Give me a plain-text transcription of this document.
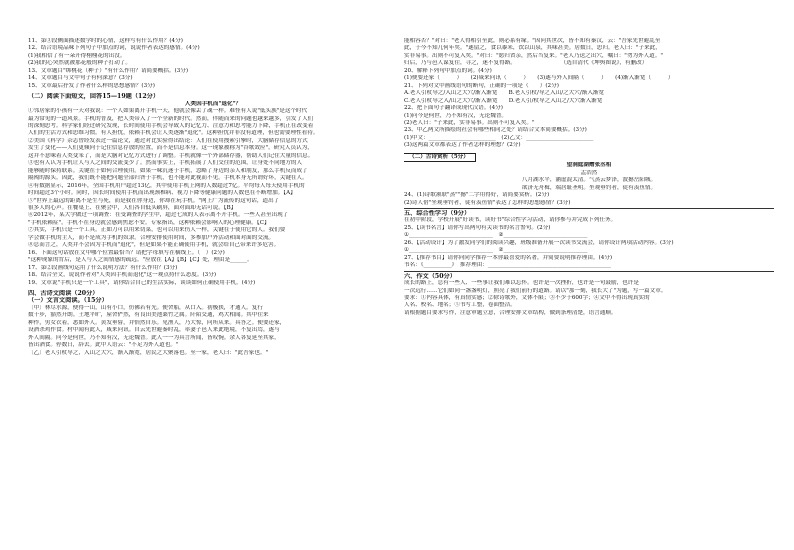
11、第③段侧面描述数学时的心情，这样写有什么作用？(4分)

12、结合语境品味下列句子中加点的词，说说作者表达的感情。(4分)

(1)我相信了有一朵开得栩栩花的出没。

(2)我的心突然就被那花般的种子打动了。

13、文章题目"绑桃花（种子）"有什么作用？请简要概括。(3分)

14、文章题目与文中句子有何深意？(3分)

15、文章最后抒发了作者什么样的思想感情？(3分)

（二）阅读下面短文，回答15—19题（12分）

人类因手机而"退化"？

①邻居家的小孩有一天对我说：一个人如果离开手机一天，他就会像丢了魂一样。难怪有人说"低头族"是这个时代

最为常见的一道风景。手机的普及，把人类带入了一个全新的时代。然而，伴随而来的问题也越来越多，引发了人们

的深刻思考。科学家们经过研究发现，长时间使用手机会导致人的记忆力、注意力和思考能力下降，手机正在改变着

人们的生活方式和思维习惯。有人担忧，依赖手机会让人类逐渐"退化"。这种担忧并非没有道理，但也需要理性看待。

②美国《科学》杂志曾经发表过一篇论文，通过对比实验得出结论：人们在使用搜索引擎时，大脑储存信息的方式

发生了变化——人们更倾向于记住信息存放的位置，而不是信息本身。这一现象被称为"谷歌效应"。研究人员认为，

这并不意味着人类变笨了，而是大脑对记忆方式进行了调整。手机就像一个外部储存器，帮助人们记住大量的信息。

③也有人认为手机让人与人之间的交流变少了。然而事实上，手机拓展了人们交往的范围，让身处不同地方的人

能够随时保持联系。关键在于如何合理使用。如果一味沉迷于手机，忽略了身边的亲人和朋友，那么手机反而成了

隔阂的源头。因此，我们既不能把问题全部归咎于手机，也不能对此视而不见。手机本身无所谓好坏，关键在人。

④有数据显示，2016年，全国手机用户超过13亿，其中使用手机上网的人数超过7亿。平均每人每天使用手机的

时间超过3个小时。同时，因长时间使用手机而出现颈椎病、视力下降等健康问题的人数也在不断增加。【A】

⑤"世界上最远的距离不是生与死，而是我在你身边，你却在玩手机。"网上广为流传的这句话，道出了

很多人的心声。在餐桌上、在聚会中，人们各自低头刷屏，面对面却无话可说。【B】

⑥2012年，某大学做过一项调查：在受调查的学生中，超过七成的人表示离不开手机。一些人甚至出现了

"手机依赖症"，手机不在身边就会感到焦虑不安。专家指出，这种依赖会影响人的心理健康。【C】

⑦其实，手机只是一个工具。正如刀可以用来切菜，也可以用来伤人一样，关键在于使用它的人。我们要

学会做手机的主人，而不是成为手机的奴隶。合理安排使用时间，多参加户外活动和面对面的交流。

⑧总而言之，人类并不会因为手机而"退化"，但是如果不能正确使用手机，就会给自己带来许多危害。

16、下面这句话放在文中哪个位置最恰当？请把字母填写在横线上。（　）(2分)

"这种现象的背后，是人与人之间情感的疏远。"应放在【A】【B】【C】处，理由是______。

17、第②段画线句运用了什么说明方法？有什么作用？(3分)

18、结合全文，说说作者对"人类因手机而退化"这一观点持什么态度。(3分)

19、文章说"手机只是一个工具"，请你结合自己的生活实际，谈谈如何正确使用手机。(4分)

四、古诗文阅读（20分）

（一）文言文阅读。（15分）

〔甲〕林尽水源，便得一山，山有小口，仿佛若有光。便舍船，从口入。初极狭，才通人。复行

数十步，豁然开朗。土地平旷，屋舍俨然，有良田美池桑竹之属。阡陌交通，鸡犬相闻。其中往来

种作，男女衣着，悉如外人。黄发垂髫，并怡然自乐。见渔人，乃大惊，问所从来。具答之。便要还家，

设酒杀鸡作食。村中闻有此人，咸来问讯。自云先世避秦时乱，率妻子邑人来此绝境，不复出焉，遂与

外人间隔。问今是何世，乃不知有汉，无论魏晋。此人一一为具言所闻，皆叹惋。余人各复延至其家，

皆出酒食。停数日，辞去。此中人语云："不足为外人道也。"

〔乙〕老人引杖导之，入山之大穴，渐入渐宽，居民之大聚落也。至一家，老人曰："此吾家也。"

能相容否？"对曰："老人得相引至此，则必系有缘。"因问其世次，皆不知有秦汉，云："吾家先世避乱至

此，于今不知几何年矣。"遂留之，食以黍米，饮以山泉，其味甚美。居数日，思归。老人曰："子来此，

实非易事。出则不可复入矣。"对曰："愿归省亲，然后当复来。"老人乃送之出穴，嘱曰："勿为外人道。"

归后，乃与邑人谋复往，寻之，迷不复得路。　　　　　　　　　（选自清代《坤舆图说》，有删改）

20、解释下列句中加点的词。(4分)

(1)便要还家（　　　）　　(2)咸来问讯（　　　）　　(3)遂与外人间隔（　　　）　　(4)渐入渐宽（　　　）

21、下列对文中画线语句的断句，正确的一项是（　　）(2分)

A.老人引杖导之/入山之大穴/渐入渐宽　　B.老人引杖/导之入山/之大穴/渐入渐宽

C.老人引杖导之入/山之大穴/渐入渐宽　　D.老人引/杖导之入山之/大穴渐入渐宽

22、把下面句子翻译成现代汉语。(4分)

(1)问今是何世，乃不知有汉，无论魏晋。

(2)老人曰："子来此，实非易事。出则不可复入矣。"

23、甲乙两文所描绘的社会有哪些相同之处？请结合文本简要概括。(3分)

(1)甲文：________________________　(2)乙文：________________________

(3)这两篇文章都表达了作者怎样的理想？(2分)

（二）古诗赏析（5分）

望洞庭湖赠张丞相

孟浩然

八月湖水平，涵虚混太清。气蒸云梦泽，波撼岳阳城。

欲济无舟楫，端居耻圣明。坐观垂钓者，徒有羡鱼情。

24、(1)诗歌颔联"蒸""撼"二字用得好，请简要赏析。(2分)

(2)诗人借"坐观垂钓者，徒有羡鱼情"表达了怎样的思想感情？(3分)

五、综合性学习（9分）

在初中阶段，学校开展"好读书，读好书"综合性学习活动，请你参与并完成下列任务。

25、【读书名言】请你写出两句有关读书的名言警句。(2分)

①______________________________　②______________________________

26、【活动设计】为了激发同学们的阅读兴趣，班级准备开展一次读书交流会，请你设计两项活动内容。(3分)

①______________________________　②______________________________

27、【推荐书目】请你向同学推荐一本你最喜爱的名著，并简要说明推荐理由。(4分)

书名：《__________》　推荐理由：____________________________________________

六、作文（50分）

成长的路上，总有一些人、一些事让我们难以忘怀。也许是一次挫折，也许是一句鼓励，也许是

一次远行……它们如同一盏盏明灯，照亮了我们前行的道路。请以"那一刻，我长大了"为题，写一篇文章。

要求：①内容具体，有真情实感；②除诗歌外，文体不限；③不少于600字；④文中不得出现真实的

人名、校名、地名；⑤书写工整，卷面整洁。

请根据题目要求写作，注意审题立意，合理安排文章结构，做到条理清楚，语言通顺。
